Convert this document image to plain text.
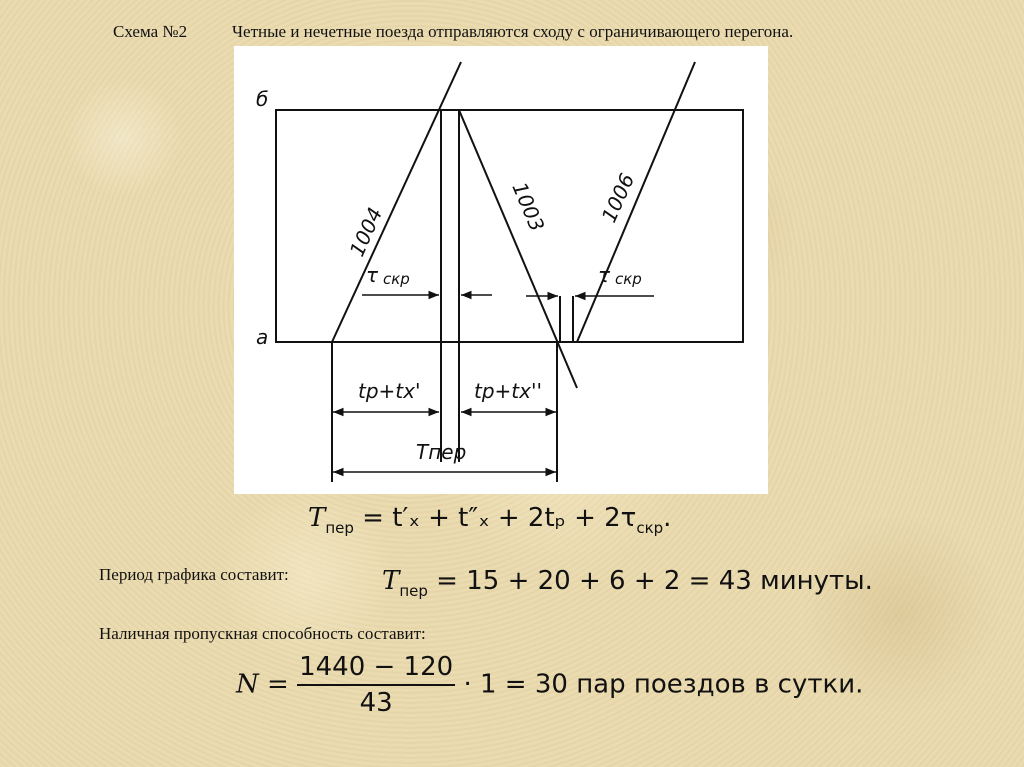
Схема №2	Четные и нечетные поезда отправляются сходу с ограничивающего перегона.
б
а
1004	1003 1006
τ скр	τ скр
tp+tx'	tp+tx''
Tпер
$T_{пер} = t'_x + t''_x + 2t_p + 2\tau_{скр}$.
Период графика составит:	$T_{пер} = 15 + 20 + 6 + 2 = 43$ минуты.
Наличная пропускная способность составит:
$N = \frac{1440 - 120}{43} \cdot 1 = 30$ пар поездов в сутки.
